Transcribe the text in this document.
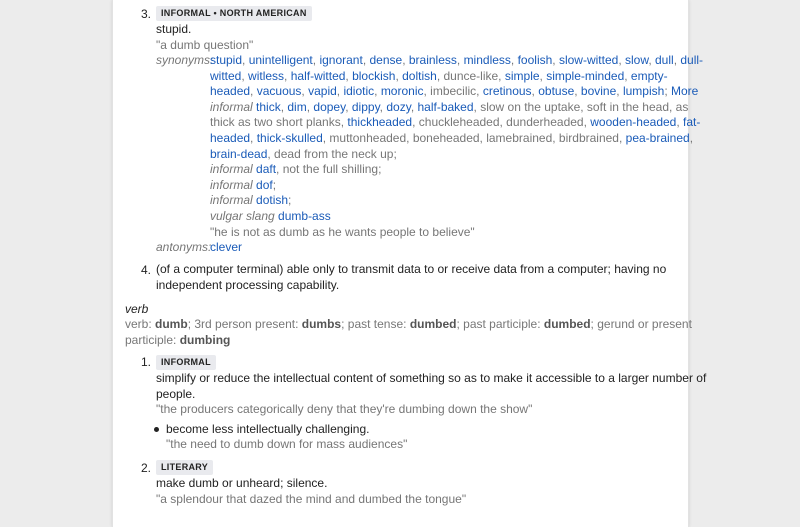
3.	INFORMAL • NORTH AMERICAN
stupid.
"a dumb question"
synonyms:
stupid, unintelligent, ignorant, dense, brainless, mindless, foolish, slow-witted, slow, dull, dull-
witted, witless, half-witted, blockish, doltish, dunce-like, simple, simple-minded, empty-
headed, vacuous, vapid, idiotic, moronic, imbecilic, cretinous, obtuse, bovine, lumpish; More
informal thick, dim, dopey, dippy, dozy, half-baked, slow on the uptake, soft in the head, as
thick as two short planks, thickheaded, chuckleheaded, dunderheaded, wooden-headed, fat-
headed, thick-skulled, muttonheaded, boneheaded, lamebrained, birdbrained, pea-brained,
brain-dead, dead from the neck up;
informal daft, not the full shilling;
informal dof;
informal dotish;
vulgar slang dumb-ass
"he is not as dumb as he wants people to believe"
antonyms:
clever
4. (of a computer terminal) able only to transmit data to or receive data from a computer; having no
independent processing capability.
verb
verb: dumb; 3rd person present: dumbs; past tense: dumbed; past participle: dumbed; gerund or present
participle: dumbing
1.	INFORMAL
simplify or reduce the intellectual content of something so as to make it accessible to a larger number of
people.
"the producers categorically deny that they're dumbing down the show"
become less intellectually challenging.
"the need to dumb down for mass audiences"
2.	LITERARY
make dumb or unheard; silence.
"a splendour that dazed the mind and dumbed the tongue"
